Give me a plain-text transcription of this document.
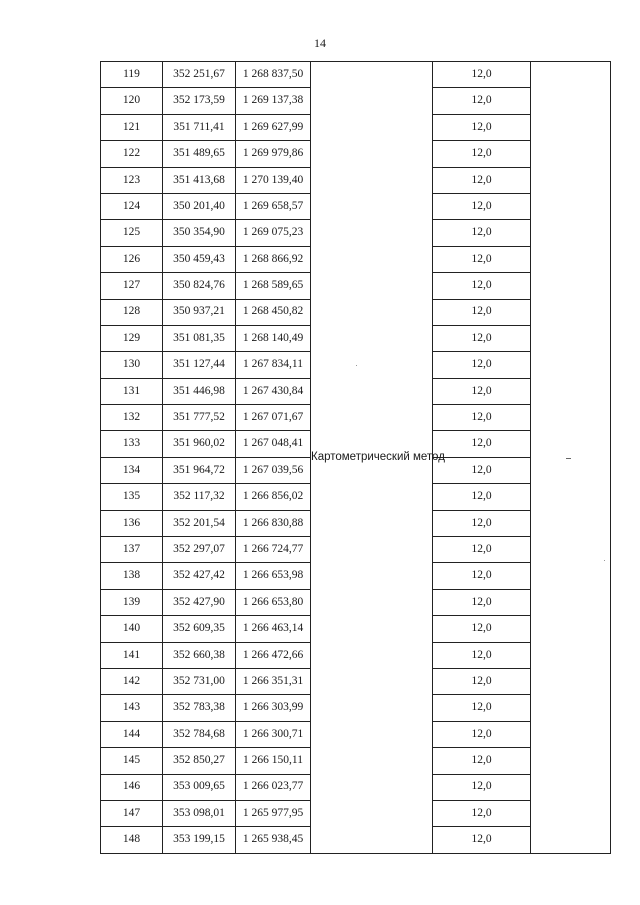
14
119	352 251,67	1 268 837,50	Картометрический метод	12,0	
120	352 173,59	1 269 137,38		12,0	
121	351 711,41	1 269 627,99		12,0	
122	351 489,65	1 269 979,86		12,0	
123	351 413,68	1 270 139,40		12,0	
124	350 201,40	1 269 658,57		12,0	
125	350 354,90	1 269 075,23		12,0	
126	350 459,43	1 268 866,92		12,0	
127	350 824,76	1 268 589,65		12,0	
128	350 937,21	1 268 450,82		12,0	
129	351 081,35	1 268 140,49		12,0	
130	351 127,44	1 267 834,11		12,0	
131	351 446,98	1 267 430,84		12,0	
132	351 777,52	1 267 071,67		12,0	
133	351 960,02	1 267 048,41		12,0	
134	351 964,72	1 267 039,56		12,0	
135	352 117,32	1 266 856,02		12,0	
136	352 201,54	1 266 830,88		12,0	
137	352 297,07	1 266 724,77		12,0	
138	352 427,42	1 266 653,98		12,0	
139	352 427,90	1 266 653,80		12,0	
140	352 609,35	1 266 463,14		12,0	
141	352 660,38	1 266 472,66		12,0	
142	352 731,00	1 266 351,31		12,0	
143	352 783,38	1 266 303,99		12,0	
144	352 784,68	1 266 300,71		12,0	
145	352 850,27	1 266 150,11		12,0	
146	353 009,65	1 266 023,77		12,0	
147	353 098,01	1 265 977,95		12,0	
148	353 199,15	1 265 938,45		12,0	
